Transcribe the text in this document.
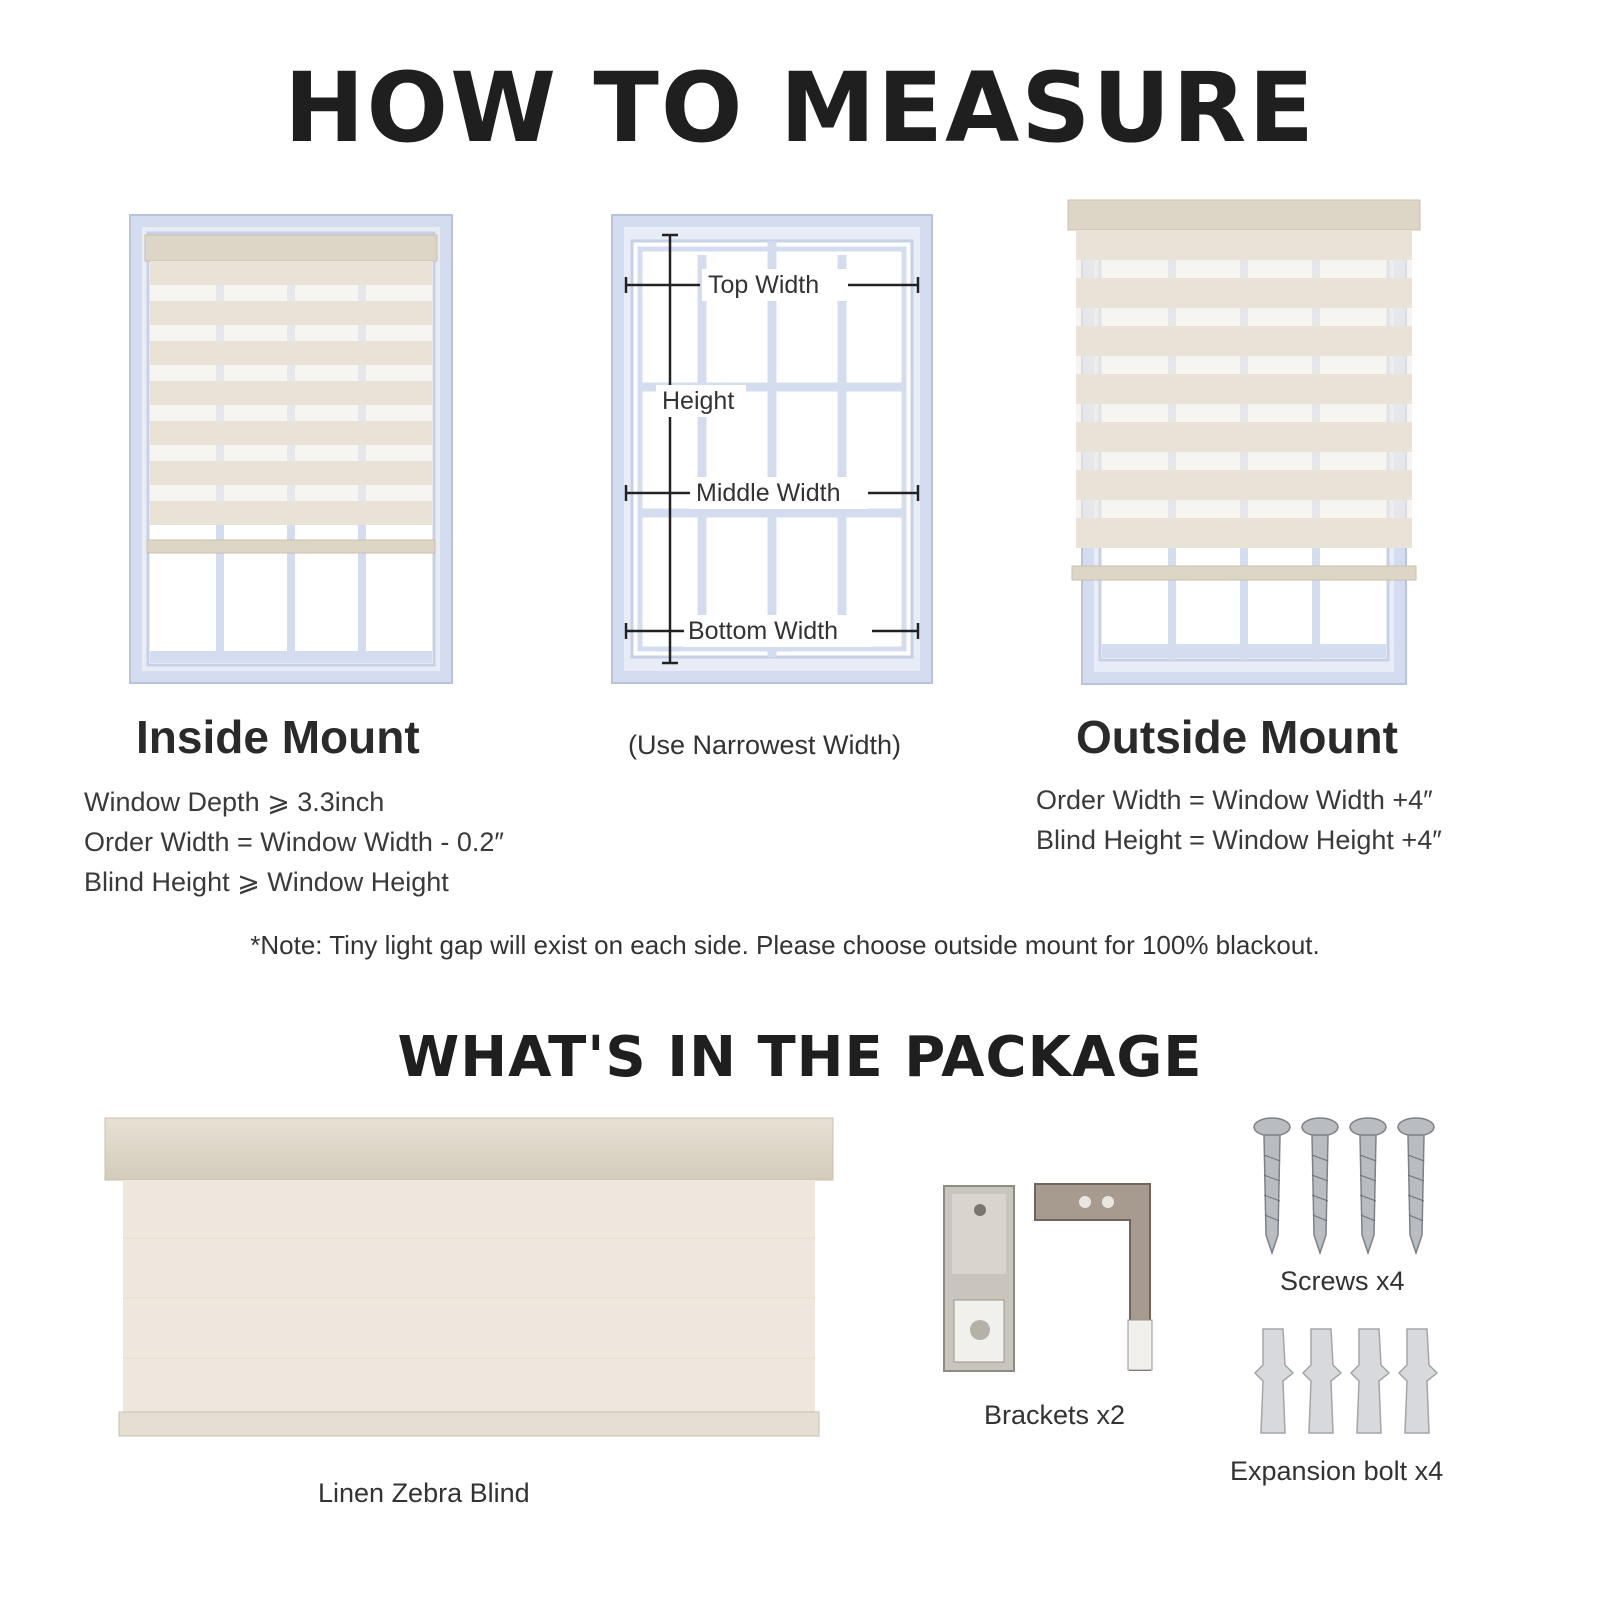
HOW TO MEASURE
Top Width
Height
Middle Width
Bottom Width
Inside Mount	(Use Narrowest Width)	Outside Mount
Window Depth ⩾ 3.3inch
Order Width = Window Width - 0.2″
Blind Height ⩾ Window Height
Order Width = Window Width +4″
Blind Height = Window Height +4″
*Note: Tiny light gap will exist on each side. Please choose outside mount for 100% blackout.
WHAT'S IN THE PACKAGE
Linen Zebra Blind
Brackets x2
Screws x4
Expansion bolt x4
